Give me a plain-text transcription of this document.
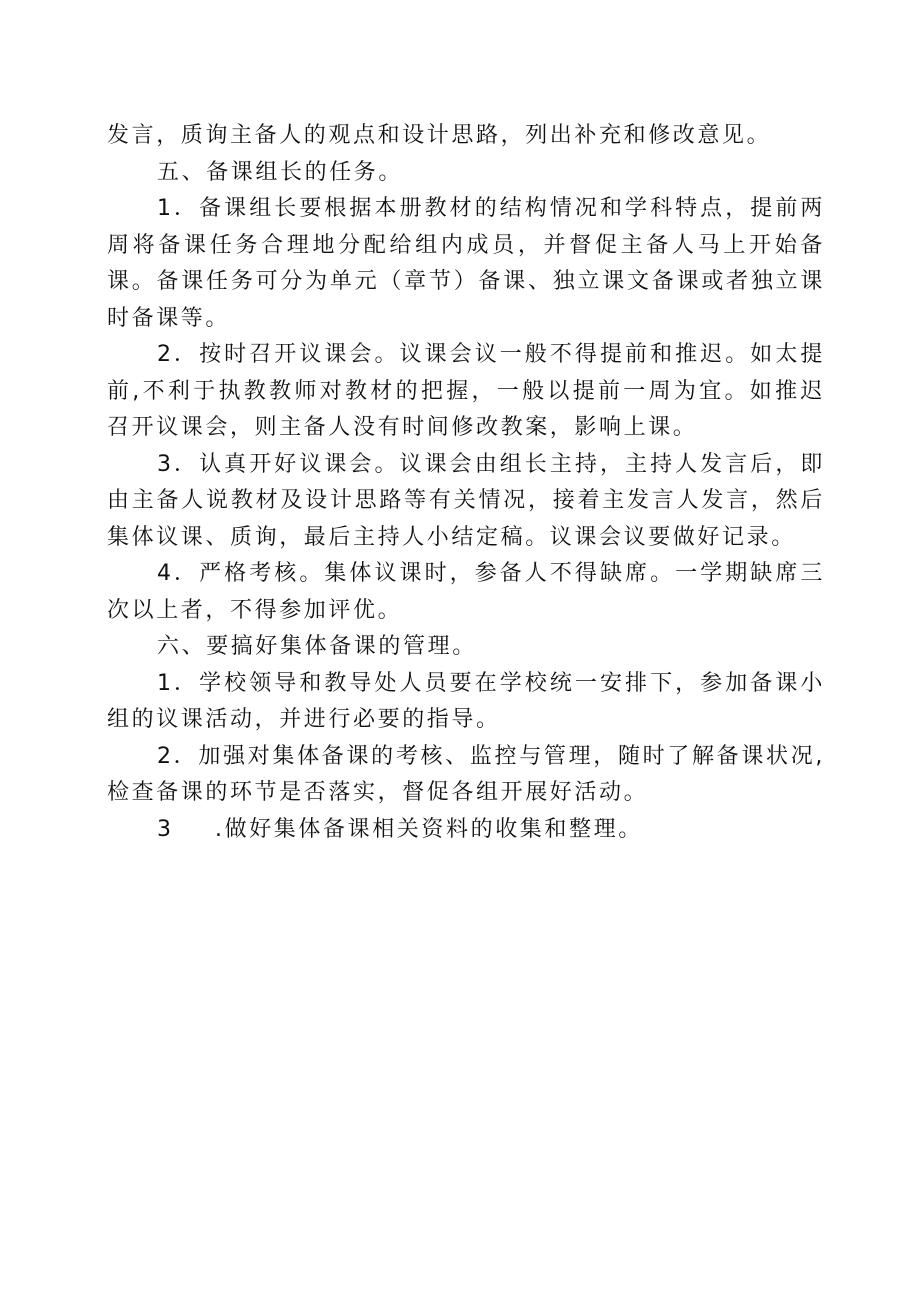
发言，质询主备人的观点和设计思路，列出补充和修改意见。

五、备课组长的任务。

1．备课组长要根据本册教材的结构情况和学科特点，提前两周将备课任务合理地分配给组内成员，并督促主备人马上开始备课。备课任务可分为单元（章节）备课、独立课文备课或者独立课时备课等。

2．按时召开议课会。议课会议一般不得提前和推迟。如太提前,不利于执教教师对教材的把握，一般以提前一周为宜。如推迟召开议课会，则主备人没有时间修改教案，影响上课。

3．认真开好议课会。议课会由组长主持，主持人发言后，即由主备人说教材及设计思路等有关情况，接着主发言人发言，然后集体议课、质询，最后主持人小结定稿。议课会议要做好记录。

4．严格考核。集体议课时，参备人不得缺席。一学期缺席三次以上者，不得参加评优。

六、要搞好集体备课的管理。

1．学校领导和教导处人员要在学校统一安排下，参加备课小组的议课活动，并进行必要的指导。

2．加强对集体备课的考核、监控与管理，随时了解备课状况,检查备课的环节是否落实，督促各组开展好活动。

3 .做好集体备课相关资料的收集和整理。
